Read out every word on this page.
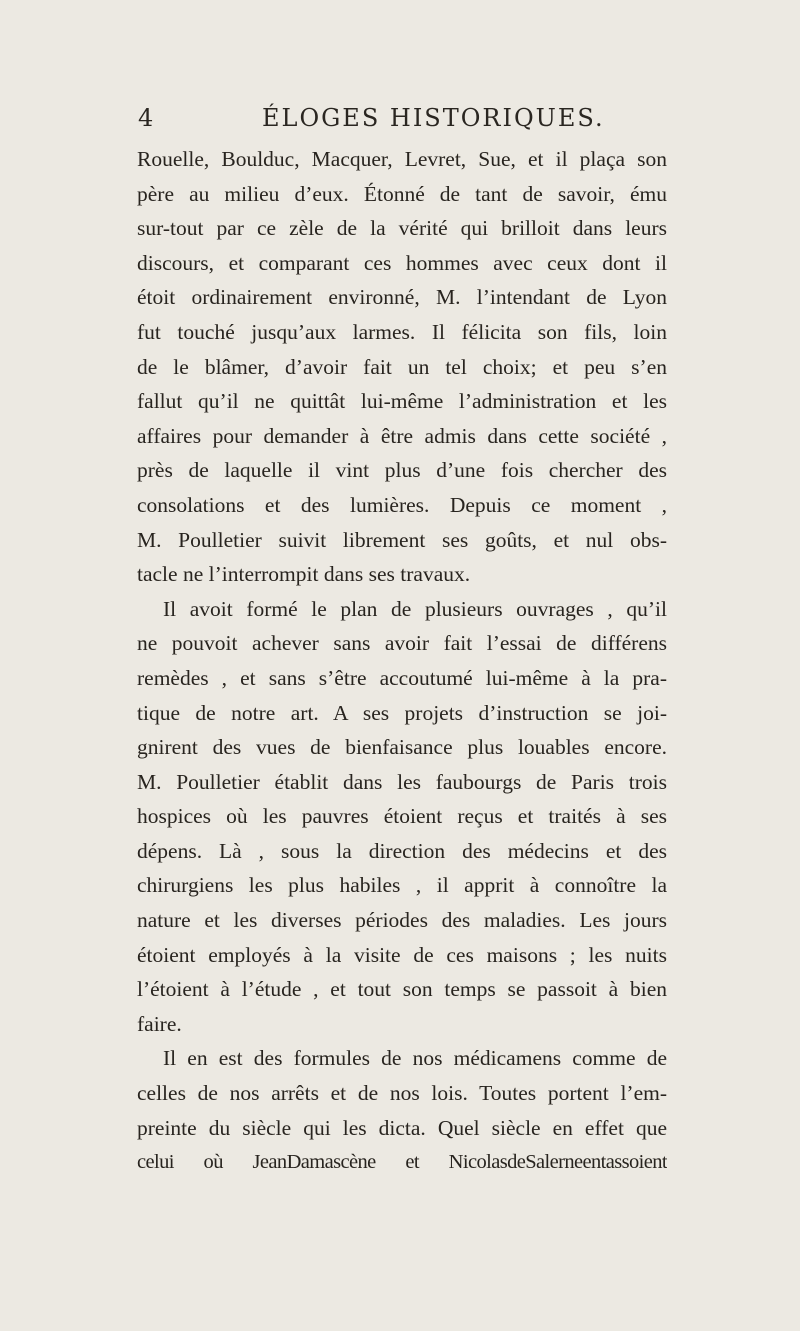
4	ÉLOGES HISTORIQUES.
Rouelle, Boulduc, Macquer, Levret, Sue, et il plaça son
père au milieu d’eux. Étonné de tant de savoir, ému
sur-tout par ce zèle de la vérité qui brilloit dans leurs
discours, et comparant ces hommes avec ceux dont il
étoit ordinairement environné, M. l’intendant de Lyon
fut touché jusqu’aux larmes. Il félicita son fils, loin
de le blâmer, d’avoir fait un tel choix; et peu s’en
fallut qu’il ne quittât lui-même l’administration et les
affaires pour demander à être admis dans cette société ,
près de laquelle il vint plus d’une fois chercher des
consolations et des lumières. Depuis ce moment ,
M. Poulletier suivit librement ses goûts, et nul obs-
tacle ne l’interrompit dans ses travaux.
Il avoit formé le plan de plusieurs ouvrages , qu’il
ne pouvoit achever sans avoir fait l’essai de différens
remèdes , et sans s’être accoutumé lui-même à la pra-
tique de notre art. A ses projets d’instruction se joi-
gnirent des vues de bienfaisance plus louables encore.
M. Poulletier établit dans les faubourgs de Paris trois
hospices où les pauvres étoient reçus et traités à ses
dépens. Là , sous la direction des médecins et des
chirurgiens les plus habiles , il apprit à connoître la
nature et les diverses périodes des maladies. Les jours
étoient employés à la visite de ces maisons ; les nuits
l’étoient à l’étude , et tout son temps se passoit à bien
faire.
Il en est des formules de nos médicamens comme de
celles de nos arrêts et de nos lois. Toutes portent l’em-
preinte du siècle qui les dicta. Quel siècle en effet que
celui où JeanDamascène et NicolasdeSalerneentassoient
